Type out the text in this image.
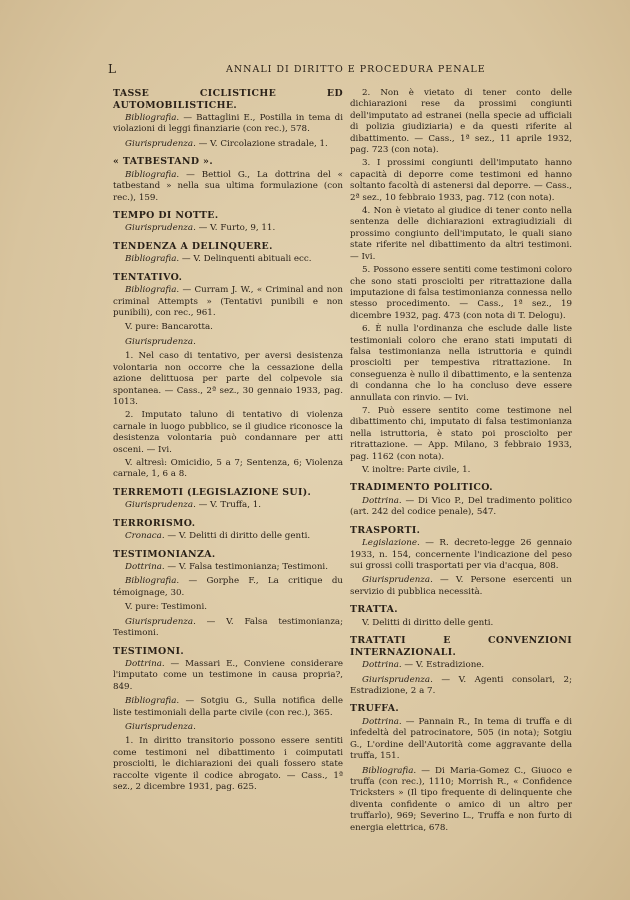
L	ANNALI DI DIRITTO E PROCEDURA PENALE
TASSE CICLISTICHE ED AUTOMOBILISTICHE.
Bibliografia. — Battaglini E., Postilla in tema di violazioni di leggi finanziarie (con rec.), 578.
Giurisprudenza. — V. Circolazione stradale, 1.
« TATBESTAND ».
Bibliografia. — Bettiol G., La dottrina del « tatbestand » nella sua ultima formulazione (con rec.), 159.
TEMPO DI NOTTE.
Giurisprudenza. — V. Furto, 9, 11.
TENDENZA A DELINQUERE.
Bibliografia. — V. Delinquenti abituali ecc.
TENTATIVO.
Bibliografia. — Curram J. W., « Criminal and non criminal Attempts » (Tentativi punibili e non punibili), con rec., 961.
V. pure: Bancarotta.
Giurisprudenza.

1. Nel caso di tentativo, per aversi desistenza volontaria non occorre che la cessazione della azione delittuosa per parte del colpevole sia spontanea. — Cass., 2ª sez., 30 gennaio 1933, pag. 1013.

2. Imputato taluno di tentativo di violenza carnale in luogo pubblico, se il giudice riconosce la desistenza volontaria può condannare per atti osceni. — Ivi.

V. altresì: Omicidio, 5 a 7; Sentenza, 6; Violenza carnale, 1, 6 a 8.
TERREMOTI (LEGISLAZIONE SUI).
Giurisprudenza. — V. Truffa, 1.
TERRORISMO.
Cronaca. — V. Delitti di diritto delle genti.
TESTIMONIANZA.
Dottrina. — V. Falsa testimonianza; Testimoni.
Bibliografia. — Gorphe F., La critique du témoignage, 30.
V. pure: Testimoni.
Giurisprudenza. — V. Falsa testimonianza; Testimoni.
TESTIMONI.
Dottrina. — Massari E., Conviene considerare l'imputato come un testimone in causa propria?, 849.
Bibliografia. — Sotgiu G., Sulla notifica delle liste testimoniali della parte civile (con rec.), 365.
Giurisprudenza.

1. In diritto transitorio possono essere sentiti come testimoni nel dibattimento i coimputati prosciolti, le dichiarazioni dei quali fossero state raccolte vigente il codice abrogato. — Cass., 1ª sez., 2 dicembre 1931, pag. 625.

2. Non è vietato di tener conto delle dichiarazioni rese da prossimi congiunti dell'imputato ad estranei (nella specie ad ufficiali di polizia giudiziaria) e da questi riferite al dibattimento. — Cass., 1ª sez., 11 aprile 1932, pag. 723 (con nota).

3. I prossimi congiunti dell'imputato hanno capacità di deporre come testimoni ed hanno soltanto facoltà di astenersi dal deporre. — Cass., 2ª sez., 10 febbraio 1933, pag. 712 (con nota).

4. Non è vietato al giudice di tener conto nella sentenza delle dichiarazioni extragiudiziali di prossimo congiunto dell'imputato, le quali siano state riferite nel dibattimento da altri testimoni. — Ivi.

5. Possono essere sentiti come testimoni coloro che sono stati prosciolti per ritrattazione dalla imputazione di falsa testimonianza connessa nello stesso procedimento. — Cass., 1ª sez., 19 dicembre 1932, pag. 473 (con nota di T. Delogu).

6. È nulla l'ordinanza che esclude dalle liste testimoniali coloro che erano stati imputati di falsa testimonianza nella istruttoria e quindi prosciolti per tempestiva ritrattazione. In conseguenza è nullo il dibattimento, e la sentenza di condanna che lo ha concluso deve essere annullata con rinvio. — Ivi.

7. Può essere sentito come testimone nel dibattimento chi, imputato di falsa testimonianza nella istruttoria, è stato poi prosciolto per ritrattazione. — App. Milano, 3 febbraio 1933, pag. 1162 (con nota).

V. inoltre: Parte civile, 1.
TRADIMENTO POLITICO.
Dottrina. — Di Vico P., Del tradimento politico (art. 242 del codice penale), 547.
TRASPORTI.
Legislazione. — R. decreto-legge 26 gennaio 1933, n. 154, concernente l'indicazione del peso sui grossi colli trasportati per via d'acqua, 808.
Giurisprudenza. — V. Persone esercenti un servizio di pubblica necessità.
TRATTA.
V. Delitti di diritto delle genti.
TRATTATI E CONVENZIONI INTERNAZIONALI.
Dottrina. — V. Estradizione.
Giurisprudenza. — V. Agenti consolari, 2; Estradizione, 2 a 7.
TRUFFA.
Dottrina. — Pannain R., In tema di truffa e di infedeltà del patrocinatore, 505 (in nota); Sotgiu G., L'ordine dell'Autorità come aggravante della truffa, 151.
Bibliografia. — Di Maria-Gomez C., Giuoco e truffa (con rec.), 1110; Morrish R., « Confidence Tricksters » (Il tipo frequente di delinquente che diventa confidente o amico di un altro per truffarlo), 969; Severino L., Truffa e non furto di energia elettrica, 678.
